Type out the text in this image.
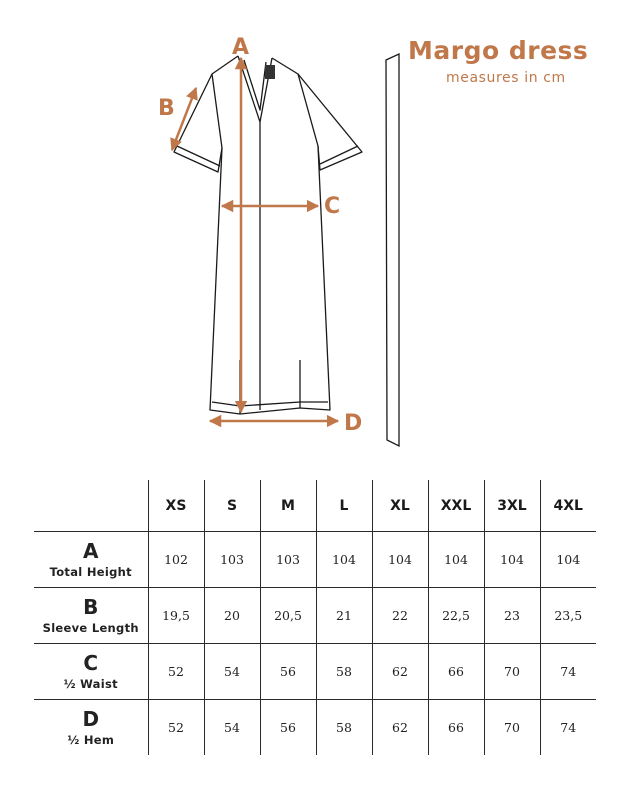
Margo dress
measures in cm
A
B
C
D
	XS	S	M	L	XL	XXL	3XL	4XL

A
Total Height	102	103	103	104	104	104	104	104

B
Sleeve Length	19,5	20	20,5	21	22	22,5	23	23,5

C
½ Waist	52	54	56	58	62	66	70	74

D
½ Hem	52	54	56	58	62	66	70	74
